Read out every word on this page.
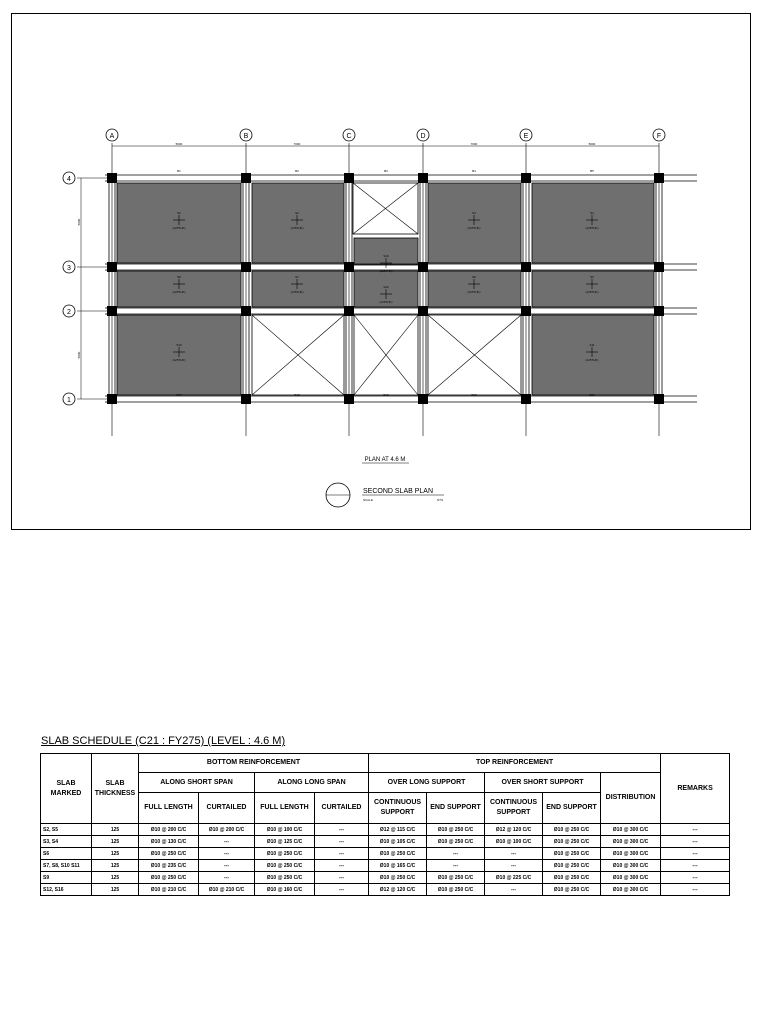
A	B	C	D	E	F
4
3
2
1
5000	7000	7000	5000
5000
5000
B1	B2	B3	B4	B5
B17	B18	B19	B20	B21
S1
(125THK)
S2
(125THK)
S3
(125THK)
S4
(125THK)
S5
(125THK)
S7
(125THK)
S8
(125THK)
S9
(125THK)
S10
(125THK)
S11
(125THK)
S12
(125THK)
S16
(125THK)
PLAN AT 4.6 M
SECOND SLAB PLAN
SCALE	NTS
SLAB SCHEDULE (C21 : FY275) (LEVEL : 4.6 M)
SLAB MARKED	SLAB THICKNESS	BOTTOM REINFORCEMENT				TOP REINFORCEMENT					REMARKS
		ALONG SHORT SPAN		ALONG LONG SPAN		OVER LONG SUPPORT		OVER SHORT SUPPORT		DISTRIBUTION	
		FULL LENGTH	CURTAILED	FULL LENGTH	CURTAILED	CONTINUOUS SUPPORT	END SUPPORT	CONTINUOUS SUPPORT	END SUPPORT		
S2, S5	125	Ø10 @ 200 C/C	Ø10 @ 200 C/C	Ø10 @ 100 C/C	---	Ø12 @ 115 C/C	Ø10 @ 250 C/C	Ø12 @ 120 C/C	Ø10 @ 250 C/C	Ø10 @ 300 C/C	---
S3, S4	125	Ø10 @ 130 C/C	---	Ø10 @ 125 C/C	---	Ø10 @ 105 C/C	Ø10 @ 250 C/C	Ø10 @ 100 C/C	Ø10 @ 250 C/C	Ø10 @ 300 C/C	---
S6	125	Ø10 @ 250 C/C	---	Ø10 @ 250 C/C	---	Ø10 @ 250 C/C	---	---	Ø10 @ 250 C/C	Ø10 @ 300 C/C	---
S7, S8, S10 S11	125	Ø10 @ 235 C/C	---	Ø10 @ 250 C/C	---	Ø10 @ 165 C/C	---	---	Ø10 @ 250 C/C	Ø10 @ 300 C/C	---
S9	125	Ø10 @ 250 C/C	---	Ø10 @ 250 C/C	---	Ø10 @ 250 C/C	Ø10 @ 250 C/C	Ø10 @ 225 C/C	Ø10 @ 250 C/C	Ø10 @ 300 C/C	---
S12, S16	125	Ø10 @ 210 C/C	Ø10 @ 210 C/C	Ø10 @ 160 C/C	---	Ø12 @ 120 C/C	Ø10 @ 250 C/C	---	Ø10 @ 250 C/C	Ø10 @ 300 C/C	---
